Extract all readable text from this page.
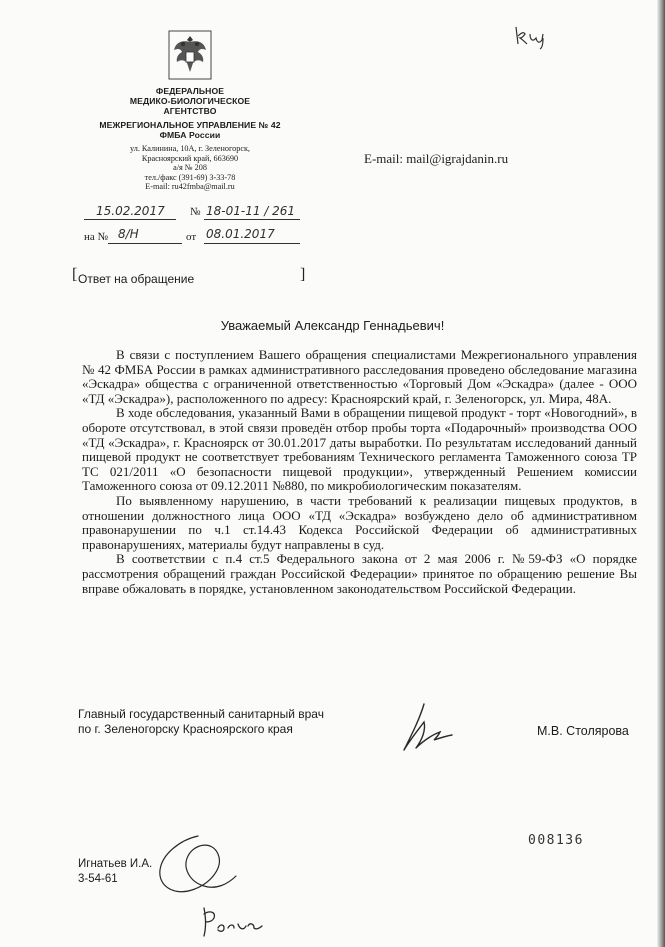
ФЕДЕРАЛЬНОЕ
МЕДИКО-БИОЛОГИЧЕСКОЕ
АГЕНТСТВО
МЕЖРЕГИОНАЛЬНОЕ УПРАВЛЕНИЕ № 42
ФМБА России
ул. Калинина, 10А, г. Зеленогорск,
Красноярский край, 663690
а/я № 208
тел./факс (391-69) 3-33-78
E-mail: ru42fmba@mail.ru
E-mail: mail@igrajdanin.ru
15.02.2017 № 18-01-11 / 261
на № 8/Н	от 08.01.2017
[ Ответ на обращение	]
Уважаемый Александр Геннадьевич!

В связи с поступлением Вашего обращения специалистами Межрегионального управления № 42 ФМБА России в рамках административного расследования проведено обследование магазина «Эскадра» общества с ограниченной ответственностью «Торговый Дом «Эскадра» (далее - ООО «ТД «Эскадра»), расположенного по адресу: Красноярский край, г. Зеленогорск, ул. Мира, 48А.

В ходе обследования, указанный Вами в обращении пищевой продукт - торт «Новогодний», в обороте отсутствовал, в этой связи проведён отбор пробы торта «Подарочный» производства ООО «ТД «Эскадра», г. Красноярск от 30.01.2017 даты выработки. По результатам исследований данный пищевой продукт не соответствует требованиям Технического регламента Таможенного союза ТР ТС 021/2011 «О безопасности пищевой продукции», утвержденный Решением комиссии Таможенного союза от 09.12.2011 №880, по микробиологическим показателям.

По выявленному нарушению, в части требований к реализации пищевых продуктов, в отношении должностного лица ООО «ТД «Эскадра» возбуждено дело об административном правонарушении по ч.1 ст.14.43 Кодекса Российской Федерации об административных правонарушениях, материалы будут направлены в суд.

В соответствии с п.4 ст.5 Федерального закона от 2 мая 2006 г. №59-ФЗ «О порядке рассмотрения обращений граждан Российской Федерации» принятое по обращению решение Вы вправе обжаловать в порядке, установленном законодательством Российской Федерации.

Главный государственный санитарный врач
по г. Зеленогорску Красноярского края	М.В. Столярова
008136
Игнатьев И.А.
3-54-61
